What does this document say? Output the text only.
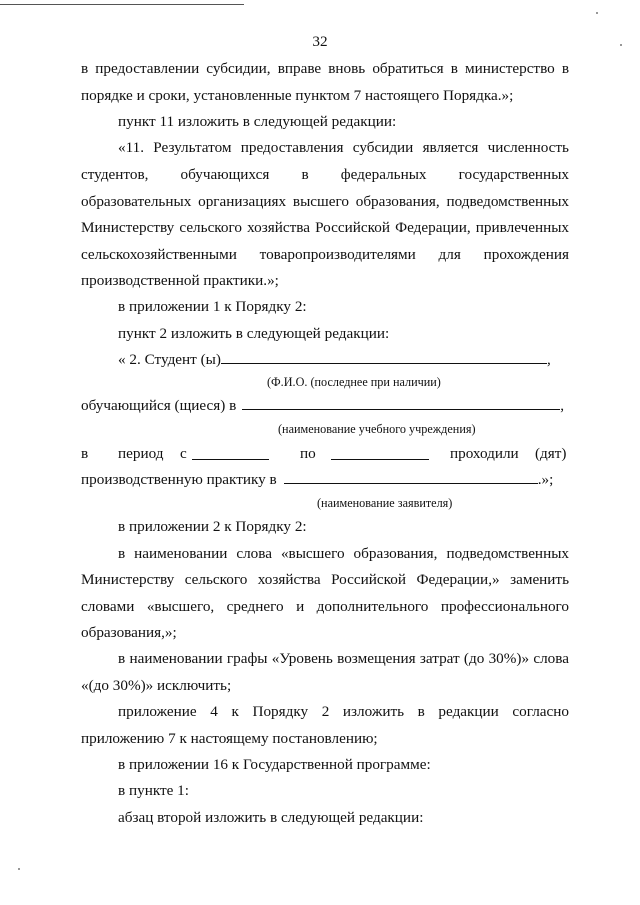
32
в предоставлении субсидии, вправе вновь обратиться в министерство в
порядке и сроки, установленные пунктом 7 настоящего Порядка.»;
пункт 11 изложить в следующей редакции:
«11. Результатом предоставления субсидии является численность
студентов, обучающихся в федеральных государственных
образовательных организациях высшего образования, подведомственных
Министерству сельского хозяйства Российской Федерации, привлеченных
сельскохозяйственными товаропроизводителями для прохождения
производственной практики.»;
в приложении 1 к Порядку 2:
пункт 2 изложить в следующей редакции:
« 2. Студент (ы)	,
(Ф.И.О. (последнее при наличии)
обучающийся (щиеся) в	,
(наименование учебного учреждения)
в период с	по	проходили (дят)
производственную практику в	.»;
(наименование заявителя)
в приложении 2 к Порядку 2:
в наименовании слова «высшего образования, подведомственных
Министерству сельского хозяйства Российской Федерации,» заменить
словами «высшего, среднего и дополнительного профессионального
образования,»;
в наименовании графы «Уровень возмещения затрат (до 30%)» слова
«(до 30%)» исключить;
приложение 4 к Порядку 2 изложить в редакции согласно
приложению 7 к настоящему постановлению;
в приложении 16 к Государственной программе:
в пункте 1:
абзац второй изложить в следующей редакции:
